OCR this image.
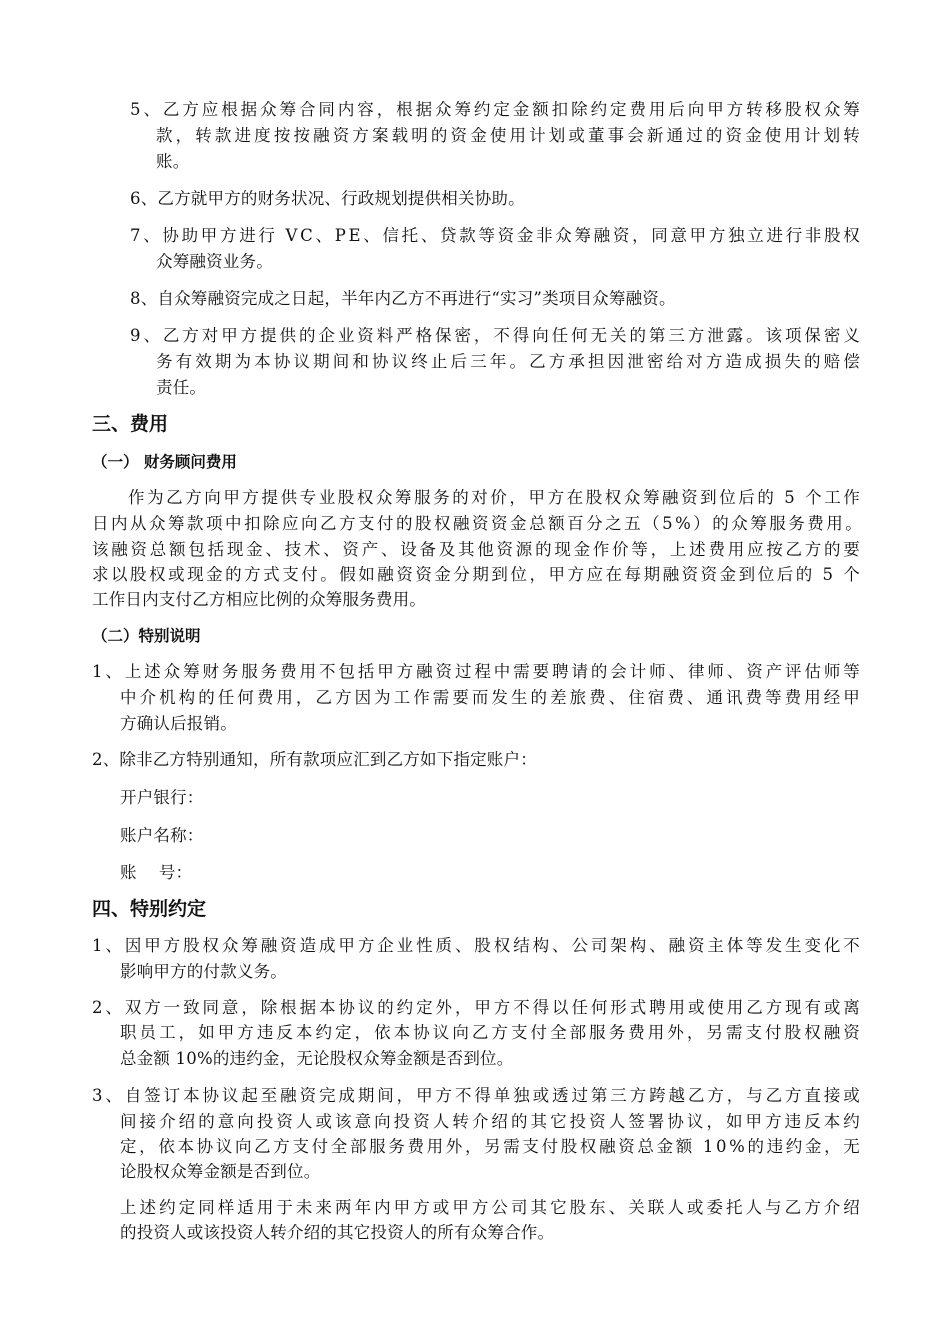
5、乙方应根据众筹合同内容，根据众筹约定金额扣除约定费用后向甲方转移股权众筹
款，转款进度按按融资方案载明的资金使用计划或董事会新通过的资金使用计划转
账。
6、乙方就甲方的财务状况、行政规划提供相关协助。
7、协助甲方进行 VC、PE、信托、贷款等资金非众筹融资，同意甲方独立进行非股权
众筹融资业务。
8、自众筹融资完成之日起，半年内乙方不再进行“实习”类项目众筹融资。
9、乙方对甲方提供的企业资料严格保密，不得向任何无关的第三方泄露。该项保密义
务有效期为本协议期间和协议终止后三年。乙方承担因泄密给对方造成损失的赔偿
责任。
三、费用
（一） 财务顾问费用
作为乙方向甲方提供专业股权众筹服务的对价，甲方在股权众筹融资到位后的 5 个工作
日内从众筹款项中扣除应向乙方支付的股权融资资金总额百分之五（5%）的众筹服务费用。
该融资总额包括现金、技术、资产、设备及其他资源的现金作价等，上述费用应按乙方的要
求以股权或现金的方式支付。假如融资资金分期到位，甲方应在每期融资资金到位后的 5 个
工作日内支付乙方相应比例的众筹服务费用。
（二）特别说明
1、上述众筹财务服务费用不包括甲方融资过程中需要聘请的会计师、律师、资产评估师等
中介机构的任何费用，乙方因为工作需要而发生的差旅费、住宿费、通讯费等费用经甲
方确认后报销。
2、除非乙方特别通知，所有款项应汇到乙方如下指定账户：
开户银行：
账户名称：
账　 号：
四、特别约定
1、因甲方股权众筹融资造成甲方企业性质、股权结构、公司架构、融资主体等发生变化不
影响甲方的付款义务。
2、双方一致同意，除根据本协议的约定外，甲方不得以任何形式聘用或使用乙方现有或离
职员工，如甲方违反本约定，依本协议向乙方支付全部服务费用外，另需支付股权融资
总金额 10%的违约金，无论股权众筹金额是否到位。
3、自签订本协议起至融资完成期间，甲方不得单独或透过第三方跨越乙方，与乙方直接或
间接介绍的意向投资人或该意向投资人转介绍的其它投资人签署协议，如甲方违反本约
定，依本协议向乙方支付全部服务费用外，另需支付股权融资总金额 10%的违约金，无
论股权众筹金额是否到位。
上述约定同样适用于未来两年内甲方或甲方公司其它股东、关联人或委托人与乙方介绍
的投资人或该投资人转介绍的其它投资人的所有众筹合作。
